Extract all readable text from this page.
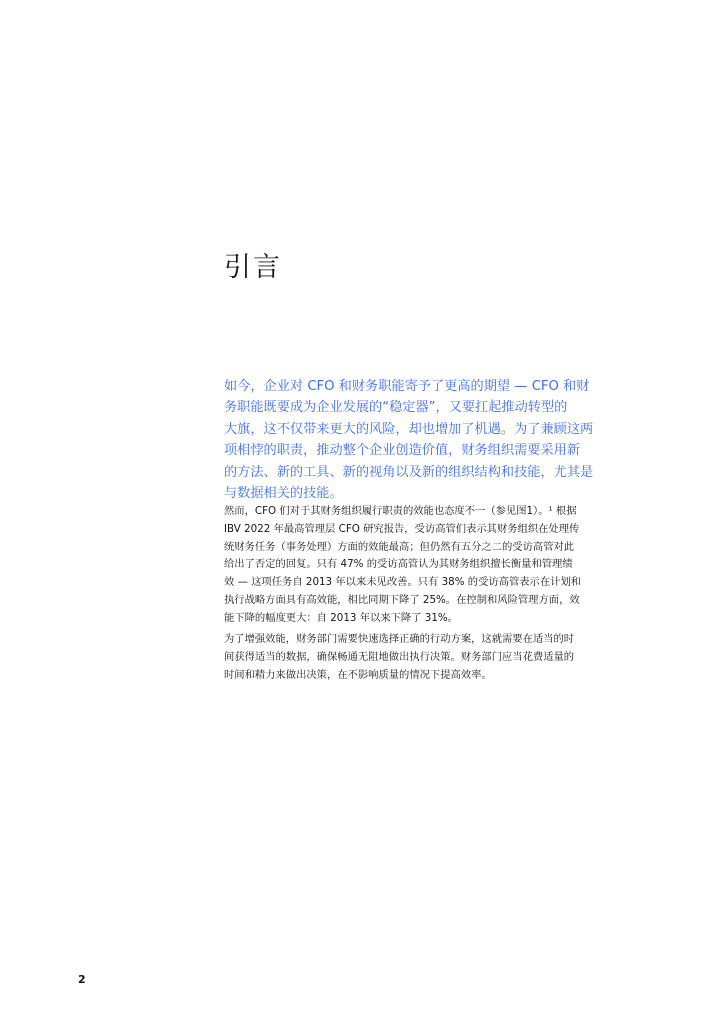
引言

如今，企业对 CFO 和财务职能寄予了更高的期望 — CFO 和财
务职能既要成为企业发展的“稳定器”，又要扛起推动转型的
大旗，这不仅带来更大的风险，却也增加了机遇。为了兼顾这两
项相悖的职责，推动整个企业创造价值，财务组织需要采用新
的方法、新的工具、新的视角以及新的组织结构和技能，尤其是
与数据相关的技能。

然而，CFO 们对于其财务组织履行职责的效能也态度不一（参见图1）。¹ 根据
IBV 2022 年最高管理层 CFO 研究报告，受访高管们表示其财务组织在处理传
统财务任务（事务处理）方面的效能最高；但仍然有五分之二的受访高管对此
给出了否定的回复。只有 47% 的受访高管认为其财务组织擅长衡量和管理绩
效 — 这项任务自 2013 年以来未见改善。只有 38% 的受访高管表示在计划和
执行战略方面具有高效能，相比同期下降了 25%。在控制和风险管理方面，效
能下降的幅度更大：自 2013 年以来下降了 31%。

为了增强效能，财务部门需要快速选择正确的行动方案，这就需要在适当的时
间获得适当的数据，确保畅通无阻地做出执行决策。财务部门应当花费适量的
时间和精力来做出决策，在不影响质量的情况下提高效率。

2
